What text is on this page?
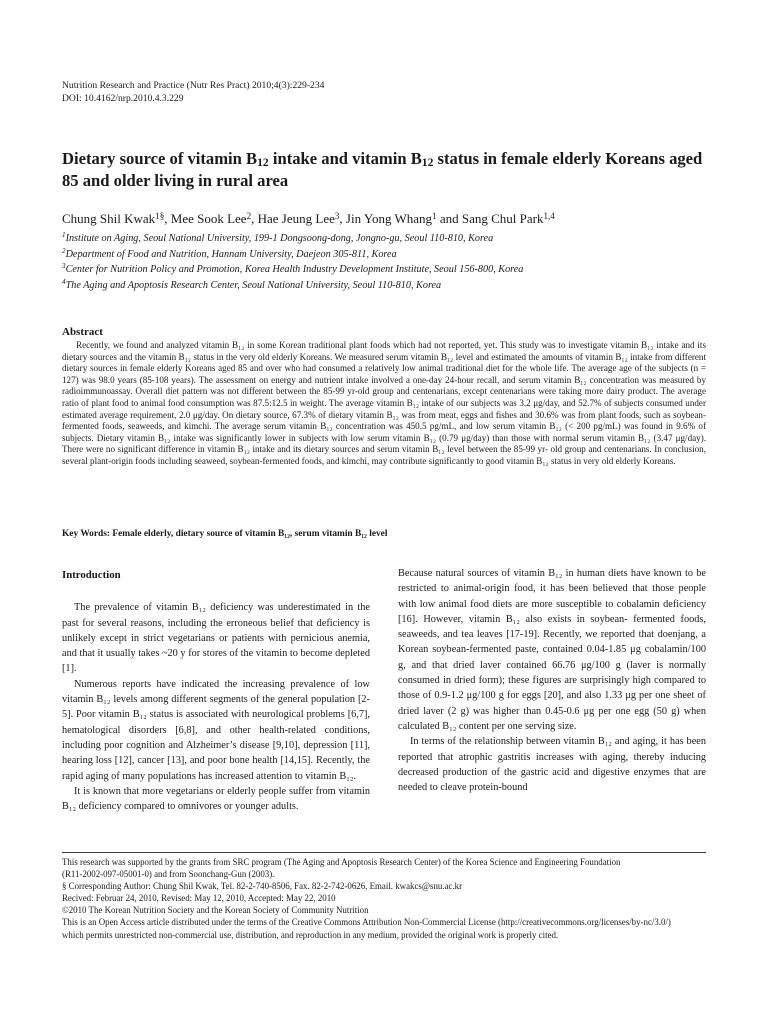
Nutrition Research and Practice (Nutr Res Pract) 2010;4(3):229-234
DOI: 10.4162/nrp.2010.4.3.229
Dietary source of vitamin $B_{12}$ intake and vitamin $B_{12}$ status in female elderly Koreans aged 85 and older living in rural area
Chung Shil Kwak$^{1\S}$, Mee Sook Lee$^2$, Hae Jeung Lee$^3$, Jin Yong Whang$^1$ and Sang Chul Park$^{1,4}$
$^1$Institute on Aging, Seoul National University, 199-1 Dongsoong-dong, Jongno-gu, Seoul 110-810, Korea
$^2$Department of Food and Nutrition, Hannam University, Daejeon 305-811, Korea
$^3$Center for Nutrition Policy and Promotion, Korea Health Industry Development Institute, Seoul 156-800, Korea
$^4$The Aging and Apoptosis Research Center, Seoul National University, Seoul 110-810, Korea
Abstract

Recently, we found and analyzed vitamin B₁₂ in some Korean traditional plant foods which had not reported, yet. This study was to investigate vitamin B₁₂ intake and its dietary sources and the vitamin B₁₂ status in the very old elderly Koreans. We measured serum vitamin B₁₂ level and estimated the amounts of vitamin B₁₂ intake from different dietary sources in female elderly Koreans aged 85 and over who had consumed a relatively low animal traditional diet for the whole life. The average age of the subjects (n = 127) was 98.0 years (85-108 years). The assessment on energy and nutrient intake involved a one-day 24-hour recall, and serum vitamin B₁₂ concentration was measured by radioimmunoassay. Overall diet pattern was not different between the 85-99 yr-old group and centenarians, except centenarians were taking more dairy product. The average ratio of plant food to animal food consumption was 87.5:12.5 in weight. The average vitamin B₁₂ intake of our subjects was 3.2 μg/day, and 52.7% of subjects consumed under estimated average requirement, 2.0 μg/day. On dietary source, 67.3% of dietary vitamin B₁₂ was from meat, eggs and fishes and 30.6% was from plant foods, such as soybean-fermented foods, seaweeds, and kimchi. The average serum vitamin B₁₂ concentration was 450.5 pg/mL, and low serum vitamin B₁₂ (< 200 pg/mL) was found in 9.6% of subjects. Dietary vitamin B₁₂ intake was significantly lower in subjects with low serum vitamin B₁₂ (0.79 μg/day) than those with normal serum vitamin B₁₂ (3.47 μg/day). There were no significant difference in vitamin B₁₂ intake and its dietary sources and serum vitamin B₁₂ level between the 85-99 yr- old group and centenarians. In conclusion, several plant-origin foods including seaweed, soybean-fermented foods, and kimchi, may contribute significantly to good vitamin B₁₂ status in very old elderly Koreans.

Key Words: Female elderly, dietary source of vitamin B₁₂, serum vitamin B₁₂ level
Introduction

The prevalence of vitamin B₁₂ deficiency was underestimated in the past for several reasons, including the erroneous belief that deficiency is unlikely except in strict vegetarians or patients with pernicious anemia, and that it usually takes ~20 y for stores of the vitamin to become depleted [1].

Numerous reports have indicated the increasing prevalence of low vitamin B₁₂ levels among different segments of the general population [2-5]. Poor vitamin B₁₂ status is associated with neurological problems [6,7], hematological disorders [6,8], and other health-related conditions, including poor cognition and Alzheimer’s disease [9,10], depression [11], hearing loss [12], cancer [13], and poor bone health [14,15]. Recently, the rapid aging of many populations has increased attention to vitamin B₁₂.

It is known that more vegetarians or elderly people suffer from vitamin B₁₂ deficiency compared to omnivores or younger adults.

Because natural sources of vitamin B₁₂ in human diets have known to be restricted to animal-origin food, it has been believed that those people with low animal food diets are more susceptible to cobalamin deficiency [16]. However, vitamin B₁₂ also exists in soybean- fermented foods, seaweeds, and tea leaves [17-19]. Recently, we reported that doenjang, a Korean soybean-fermented paste, contained 0.04-1.85 μg cobalamin/100 g, and that dried laver contained 66.76 μg/100 g (laver is normally consumed in dried form); these figures are surprisingly high compared to those of 0.9-1.2 μg/100 g for eggs [20], and also 1.33 μg per one sheet of dried laver (2 g) was higher than 0.45-0.6 μg per one egg (50 g) when calculated B₁₂ content per one serving size.

In terms of the relationship between vitamin B₁₂ and aging, it has been reported that atrophic gastritis increases with aging, thereby inducing decreased production of the gastric acid and digestive enzymes that are needed to cleave protein-bound

This research was supported by the grants from SRC program (The Aging and Apoptosis Research Center) of the Korea Science and Engineering Foundation
(R11-2002-097-05001-0) and from Soonchang-Gun (2003).
§ Corresponding Author: Chung Shil Kwak, Tel. 82-2-740-8506, Fax. 82-2-742-0626, Email. kwakcs@snu.ac.kr
Recived: Februar 24, 2010, Revised: May 12, 2010, Accepted: May 22, 2010
©2010 The Korean Nutrition Society and the Korean Society of Community Nutrition
This is an Open Access article distributed under the terms of the Creative Commons Attribution Non-Commercial License (http://creativecommons.org/licenses/by-nc/3.0/)
which permits unrestricted non-commercial use, distribution, and reproduction in any medium, provided the original work is properly cited.
